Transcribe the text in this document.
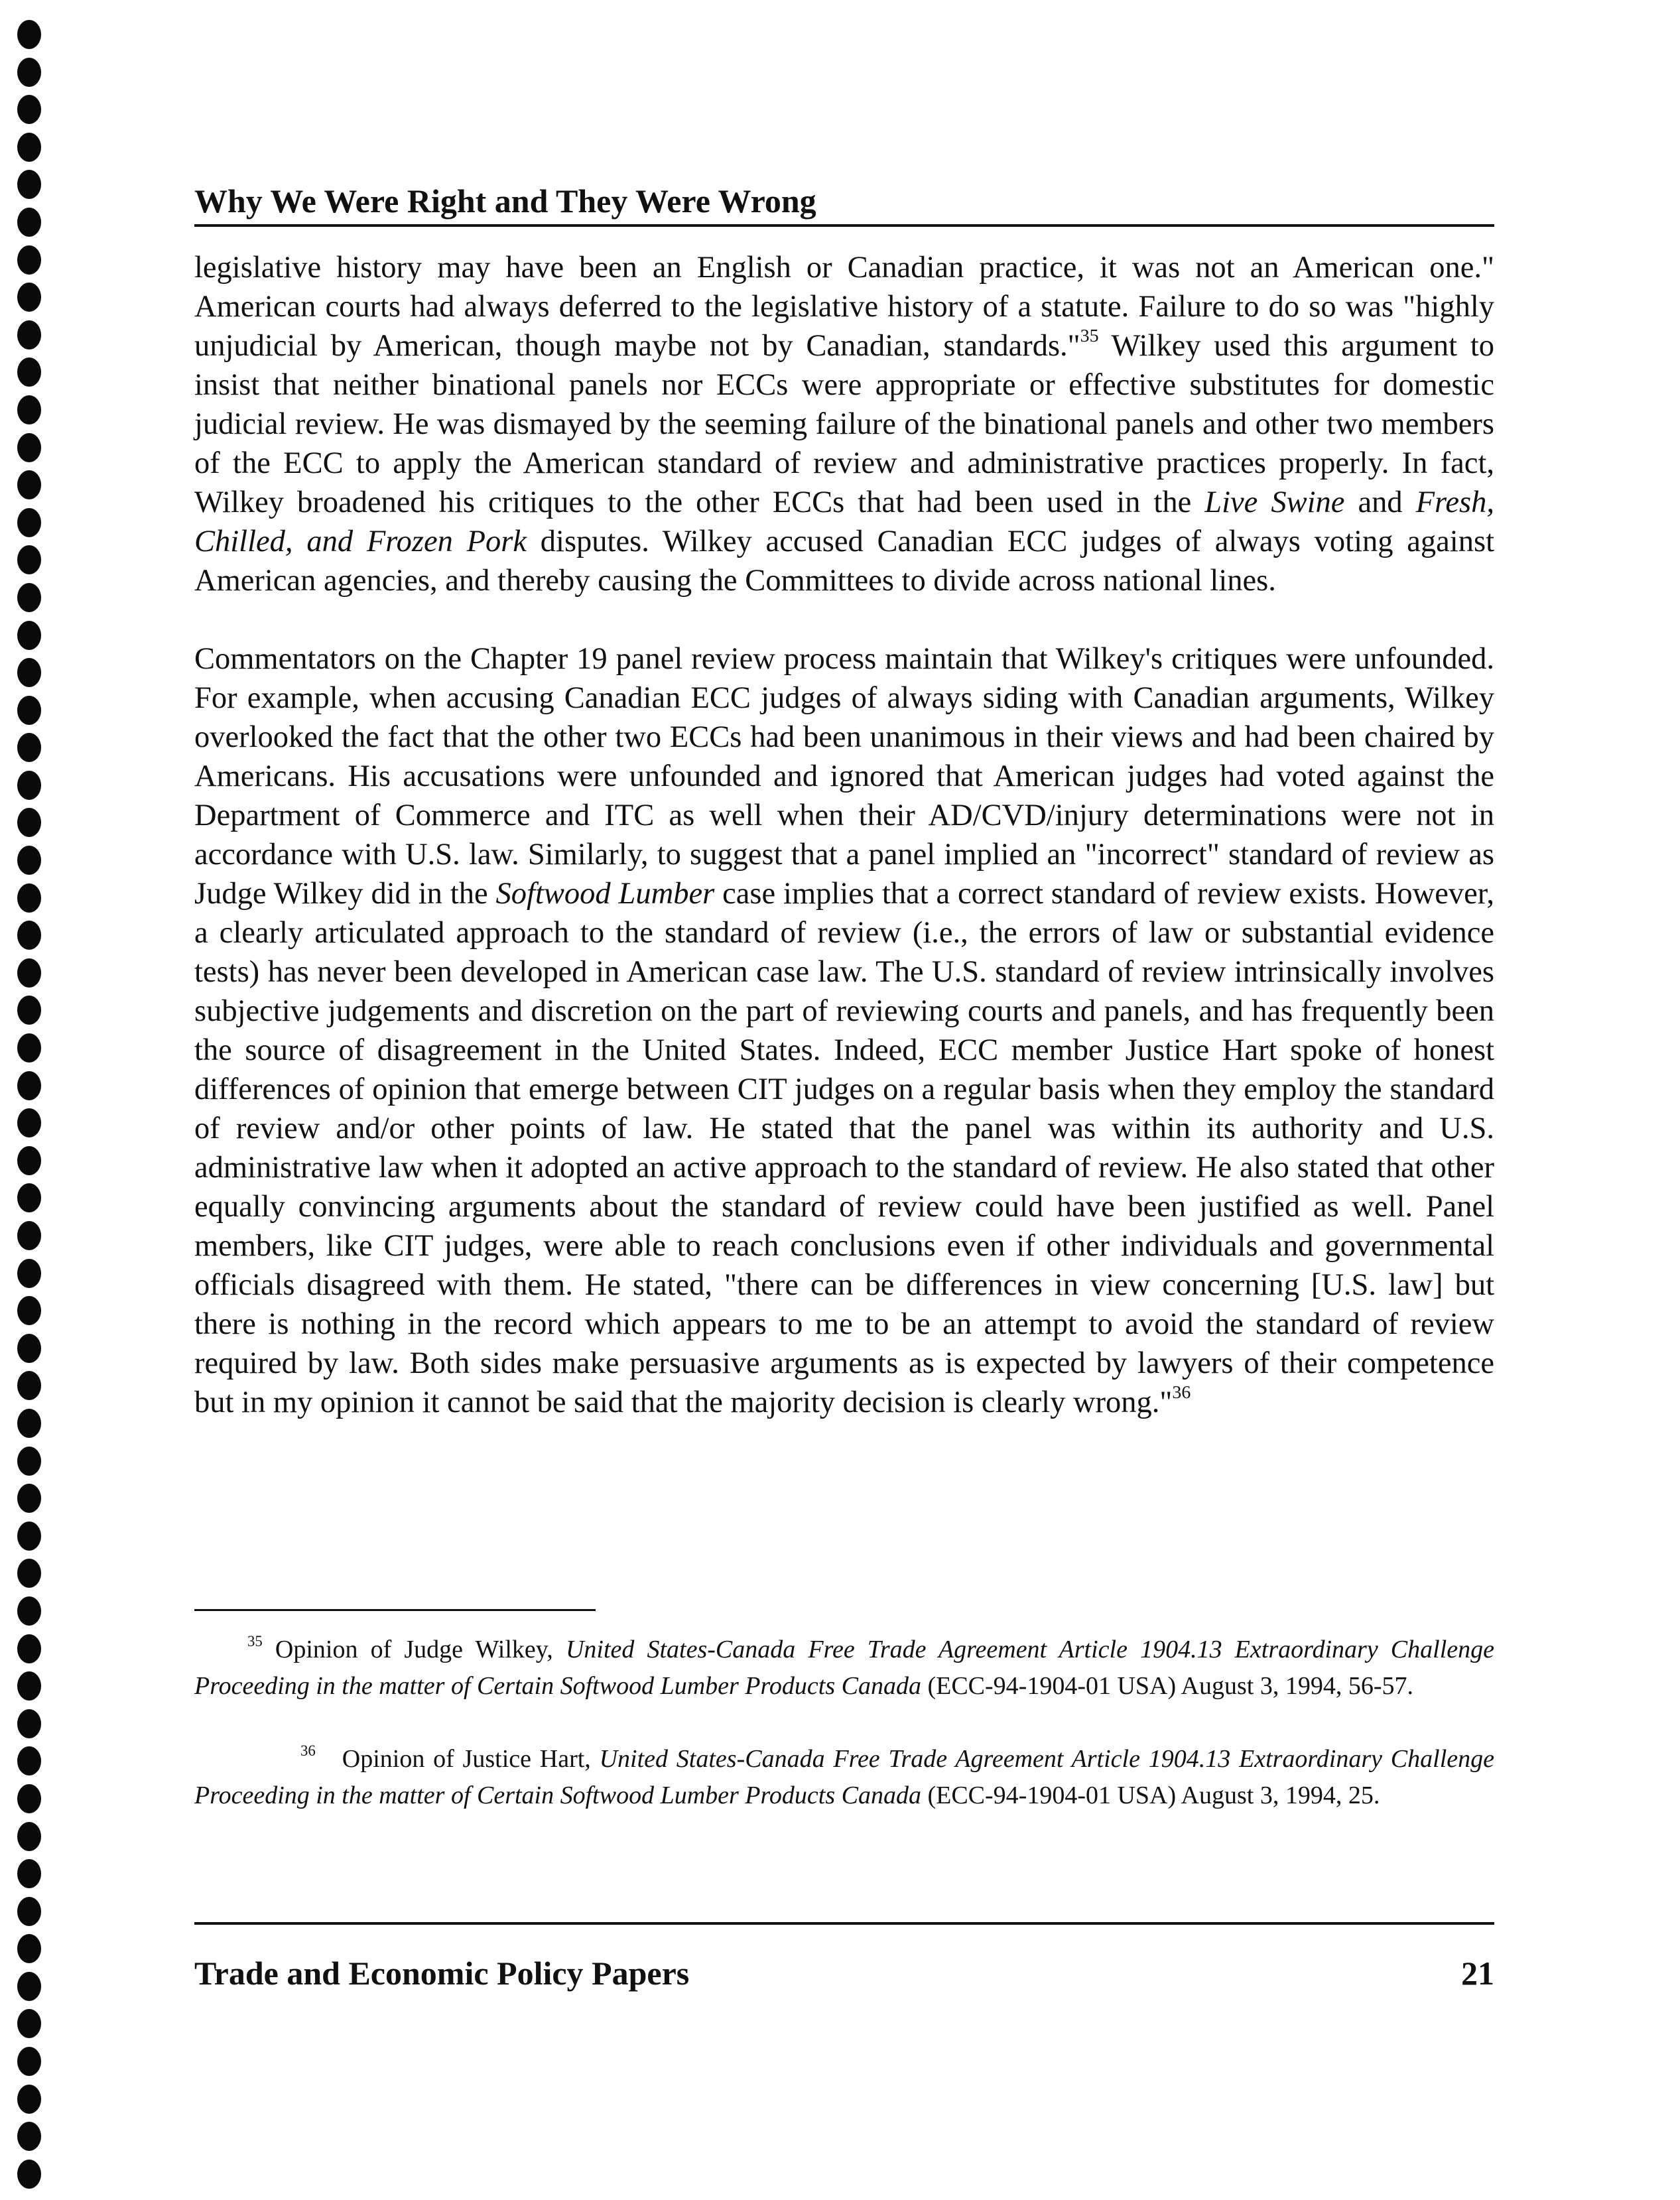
Why We Were Right and They Were Wrong

legislative history may have been an English or Canadian practice, it was not an American one." American courts had always deferred to the legislative history of a statute. Failure to do so was "highly unjudicial by American, though maybe not by Canadian, standards."$^{35}$ Wilkey used this argument to insist that neither binational panels nor ECCs were appropriate or effective substitutes for domestic judicial review. He was dismayed by the seeming failure of the binational panels and other two members of the ECC to apply the American standard of review and administrative practices properly. In fact, Wilkey broadened his critiques to the other ECCs that had been used in the Live Swine and Fresh, Chilled, and Frozen Pork disputes. Wilkey accused Canadian ECC judges of always voting against American agencies, and thereby causing the Committees to divide across national lines.

Commentators on the Chapter 19 panel review process maintain that Wilkey's critiques were unfounded. For example, when accusing Canadian ECC judges of always siding with Canadian arguments, Wilkey overlooked the fact that the other two ECCs had been unanimous in their views and had been chaired by Americans. His accusations were unfounded and ignored that American judges had voted against the Department of Commerce and ITC as well when their AD/CVD/injury determinations were not in accordance with U.S. law. Similarly, to suggest that a panel implied an "incorrect" standard of review as Judge Wilkey did in the Softwood Lumber case implies that a correct standard of review exists. However, a clearly articulated approach to the standard of review (i.e., the errors of law or substantial evidence tests) has never been developed in American case law. The U.S. standard of review intrinsically involves subjective judgements and discretion on the part of reviewing courts and panels, and has frequently been the source of disagreement in the United States. Indeed, ECC member Justice Hart spoke of honest differences of opinion that emerge between CIT judges on a regular basis when they employ the standard of review and/or other points of law. He stated that the panel was within its authority and U.S. administrative law when it adopted an active approach to the standard of review. He also stated that other equally convincing arguments about the standard of review could have been justified as well. Panel members, like CIT judges, were able to reach conclusions even if other individuals and governmental officials disagreed with them. He stated, "there can be differences in view concerning [U.S. law] but there is nothing in the record which appears to me to be an attempt to avoid the standard of review required by law. Both sides make persuasive arguments as is expected by lawyers of their competence but in my opinion it cannot be said that the majority decision is clearly wrong."$^{36}$

$^{35}$ Opinion of Judge Wilkey, United States-Canada Free Trade Agreement Article 1904.13 Extraordinary Challenge Proceeding in the matter of Certain Softwood Lumber Products Canada (ECC-94-1904-01 USA) August 3, 1994, 56-57.

$^{36}$ Opinion of Justice Hart, United States-Canada Free Trade Agreement Article 1904.13 Extraordinary Challenge Proceeding in the matter of Certain Softwood Lumber Products Canada (ECC-94-1904-01 USA) August 3, 1994, 25.

Trade and Economic Policy Papers	21
